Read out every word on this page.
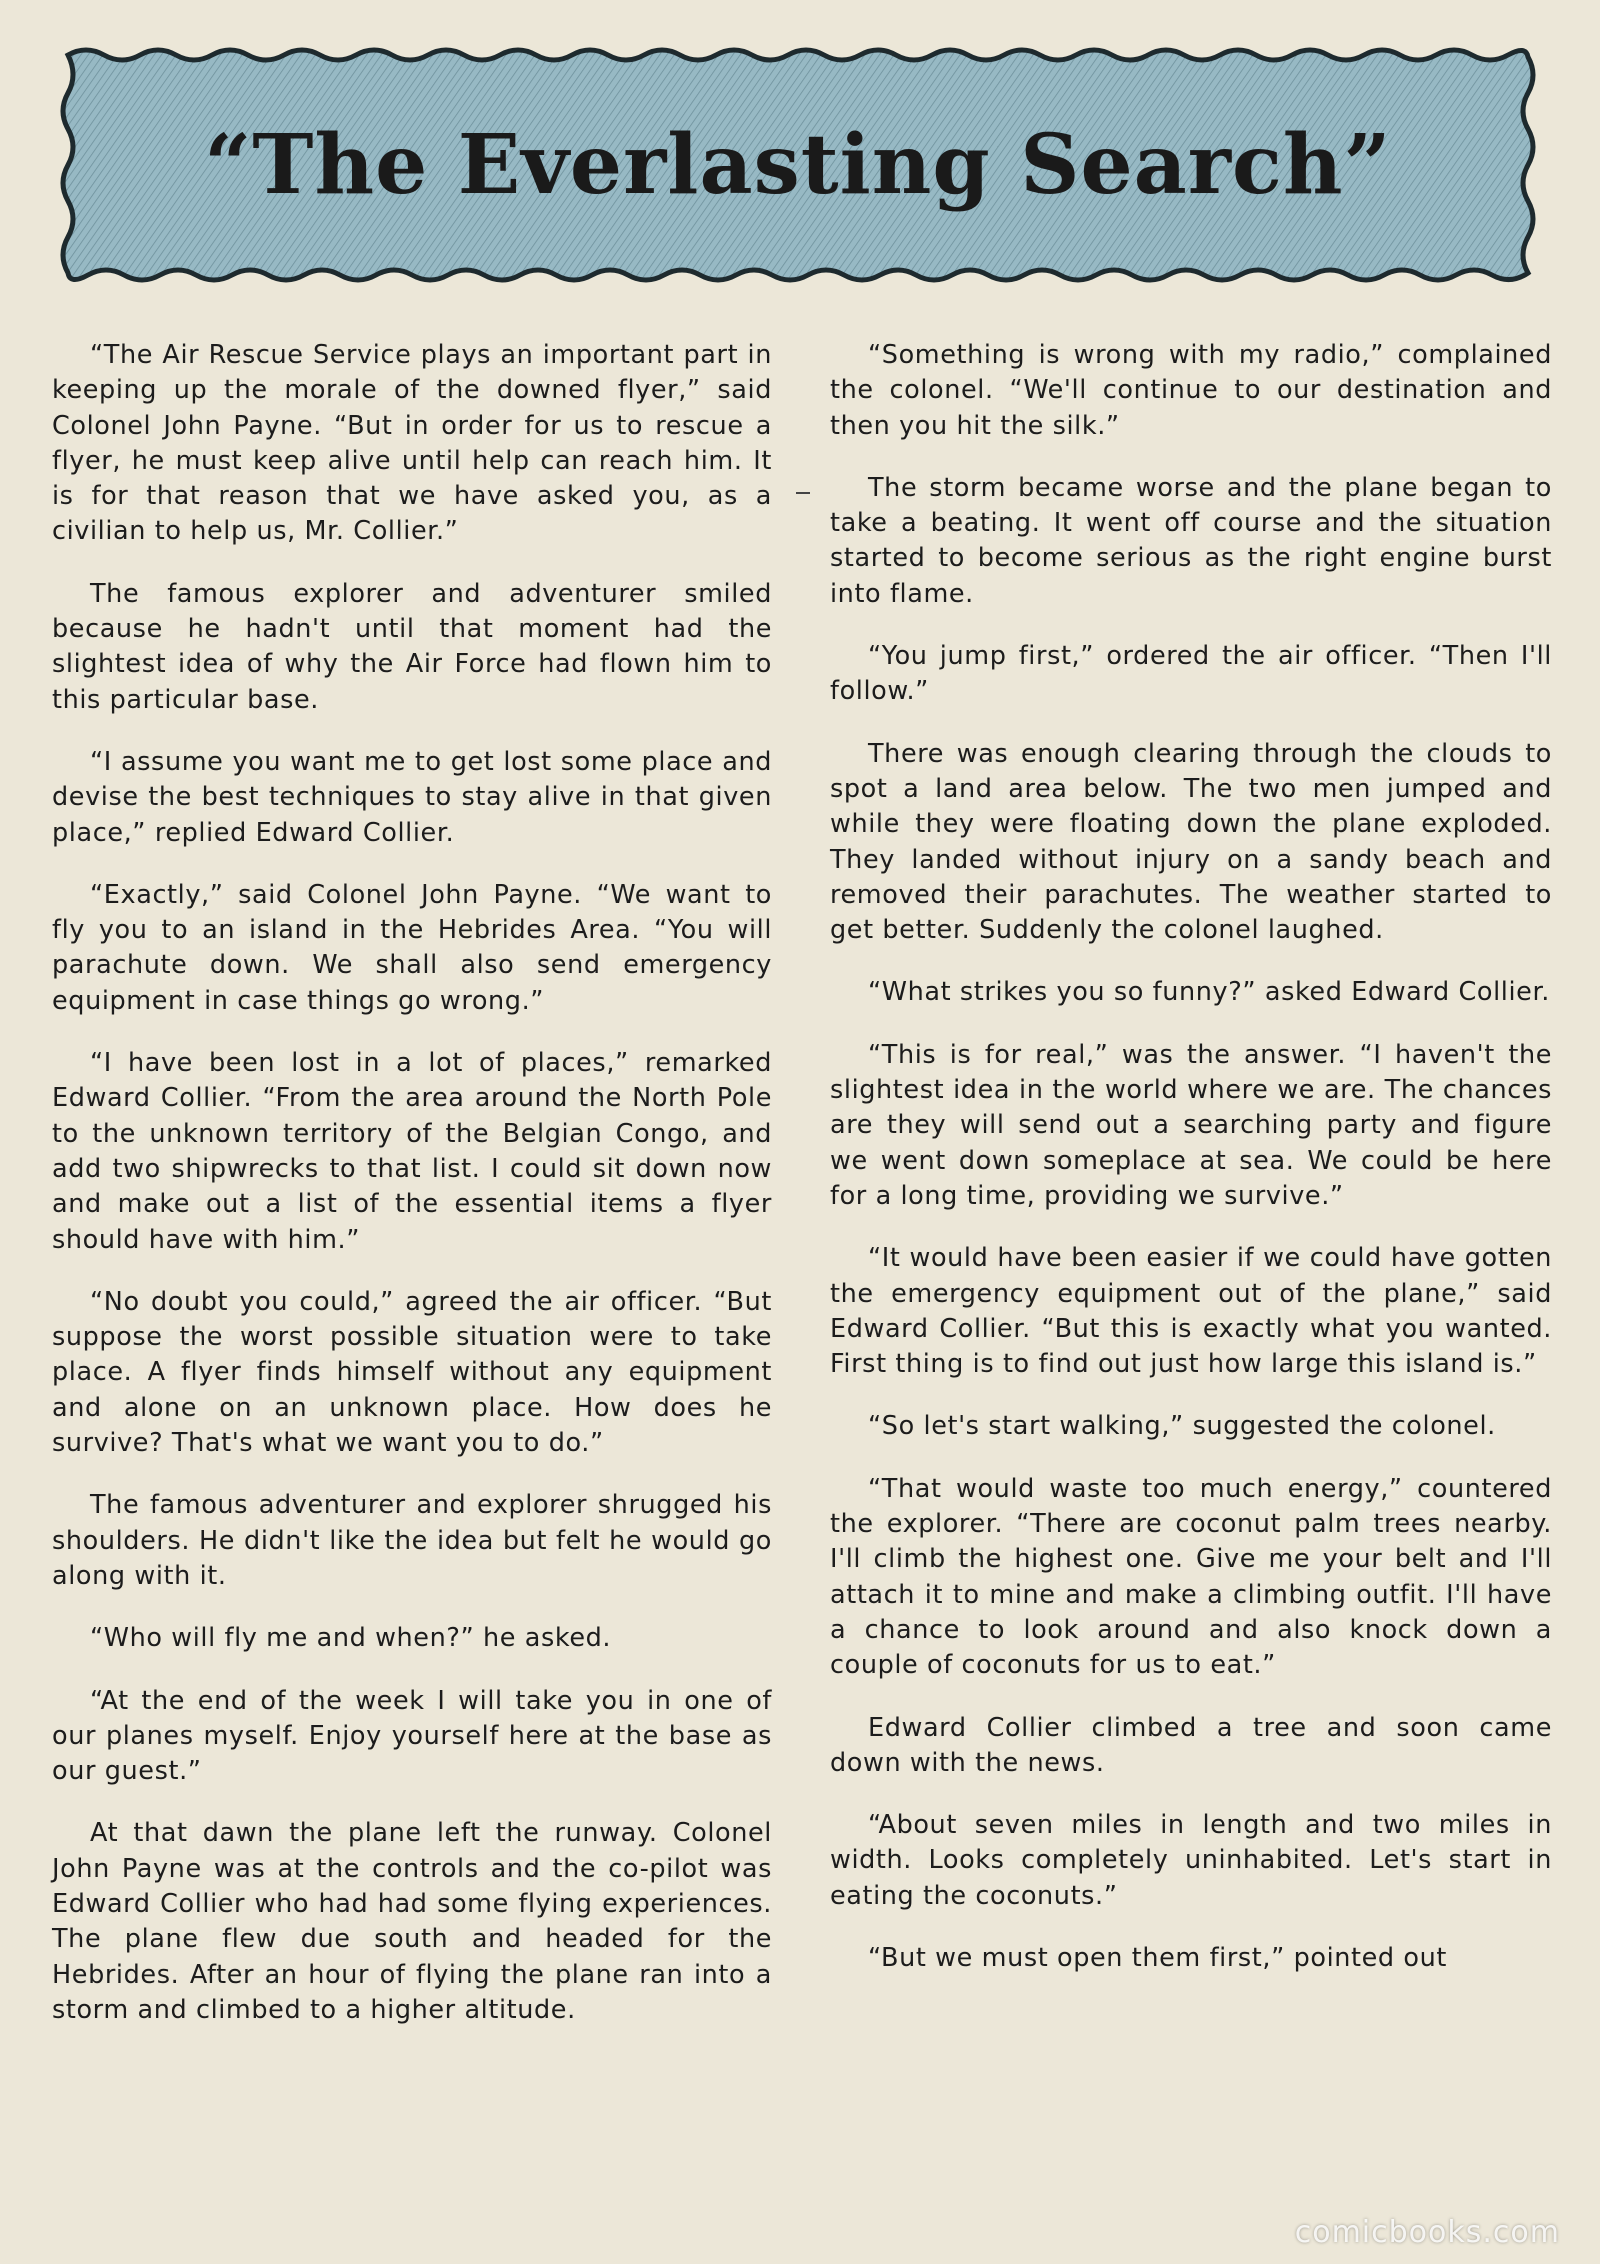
“The Everlasting Search”

“The Air Rescue Service plays an important part in keeping up the morale of the downed flyer,” said Colonel John Payne. “But in order for us to rescue a flyer, he must keep alive until help can reach him. It is for that reason that we have asked you, as a civilian to help us, Mr. Collier.”

The famous explorer and adventurer smiled because he hadn't until that moment had the slightest idea of why the Air Force had flown him to this particular base.

“I assume you want me to get lost some place and devise the best techniques to stay alive in that given place,” replied Edward Collier.

“Exactly,” said Colonel John Payne. “We want to fly you to an island in the Hebrides Area. “You will parachute down. We shall also send emergency equipment in case things go wrong.”

“I have been lost in a lot of places,” remarked Edward Collier. “From the area around the North Pole to the unknown territory of the Belgian Congo, and add two shipwrecks to that list. I could sit down now and make out a list of the essential items a flyer should have with him.”

“No doubt you could,” agreed the air officer. “But suppose the worst possible situation were to take place. A flyer finds himself without any equipment and alone on an unknown place. How does he survive? That's what we want you to do.”

The famous adventurer and explorer shrugged his shoulders. He didn't like the idea but felt he would go along with it.

“Who will fly me and when?” he asked.

“At the end of the week I will take you in one of our planes myself. Enjoy yourself here at the base as our guest.”

At that dawn the plane left the runway. Colonel John Payne was at the controls and the co-pilot was Edward Collier who had had some flying experiences. The plane flew due south and headed for the Hebrides. After an hour of flying the plane ran into a storm and climbed to a higher altitude.

“Something is wrong with my radio,” complained the colonel. “We'll continue to our destination and then you hit the silk.”

The storm became worse and the plane began to take a beating. It went off course and the situation started to become serious as the right engine burst into flame.

“You jump first,” ordered the air officer. “Then I'll follow.”

There was enough clearing through the clouds to spot a land area below. The two men jumped and while they were floating down the plane exploded. They landed without injury on a sandy beach and removed their parachutes. The weather started to get better. Suddenly the colonel laughed.

“What strikes you so funny?” asked Edward Collier.

“This is for real,” was the answer. “I haven't the slightest idea in the world where we are. The chances are they will send out a searching party and figure we went down someplace at sea. We could be here for a long time, providing we survive.”

“It would have been easier if we could have gotten the emergency equipment out of the plane,” said Edward Collier. “But this is exactly what you wanted. First thing is to find out just how large this island is.”

“So let's start walking,” suggested the colonel.

“That would waste too much energy,” countered the explorer. “There are coconut palm trees nearby. I'll climb the highest one. Give me your belt and I'll attach it to mine and make a climbing outfit. I'll have a chance to look around and also knock down a couple of coconuts for us to eat.”

Edward Collier climbed a tree and soon came down with the news.

“About seven miles in length and two miles in width. Looks completely uninhabited. Let's start in eating the coconuts.”

“But we must open them first,” pointed out

comicbooks.com
